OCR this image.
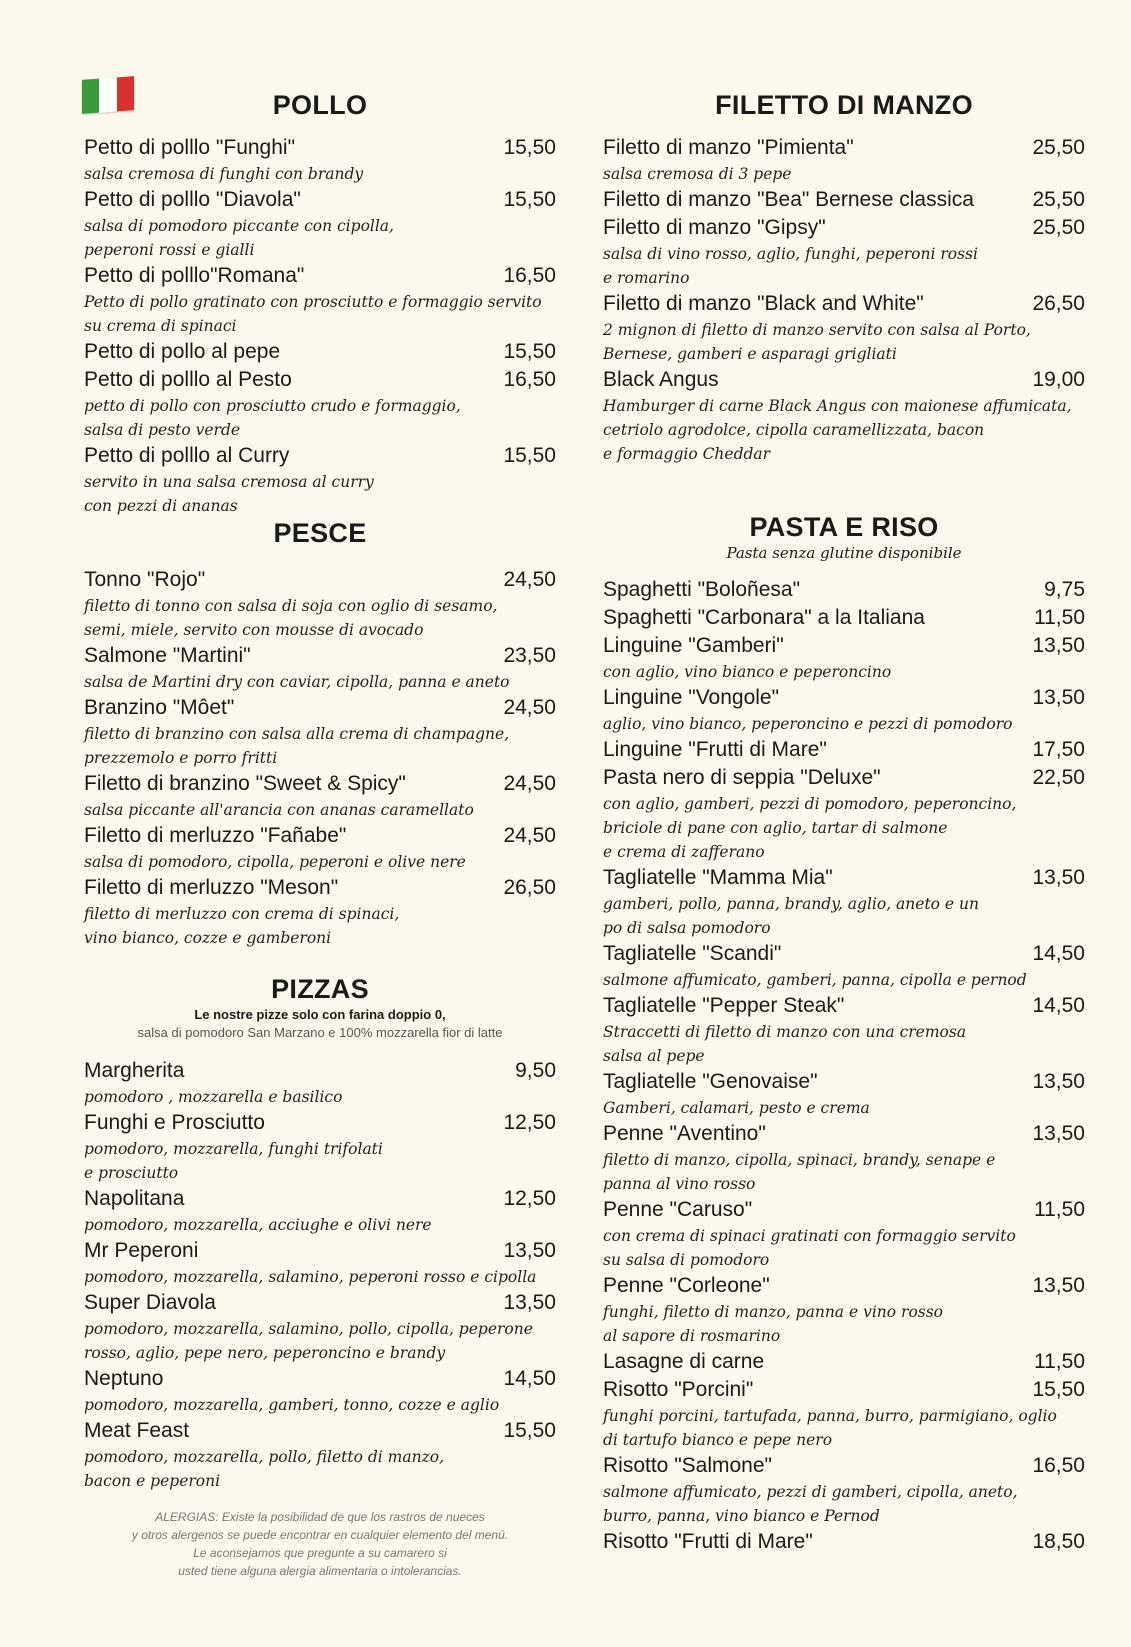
POLLO
Petto di polllo "Funghi"	15,50

salsa cremosa di funghi con brandy

Petto di polllo "Diavola"	15,50

salsa di pomodoro piccante con cipolla,

peperoni rossi e gialli

Petto di polllo"Romana"	16,50

Petto di pollo gratinato con prosciutto e formaggio servito

su crema di spinaci

Petto di pollo al pepe	15,50
Petto di polllo al Pesto	16,50

petto di pollo con prosciutto crudo e formaggio,

salsa di pesto verde

Petto di polllo al Curry	15,50

servito in una salsa cremosa al curry

con pezzi di ananas

PESCE
Tonno "Rojo"	24,50

filetto di tonno con salsa di soja con oglio di sesamo,

semi, miele, servito con mousse di avocado

Salmone "Martini"	23,50

salsa de Martini dry con caviar, cipolla, panna e aneto

Branzino "Môet"	24,50

filetto di branzino con salsa alla crema di champagne,

prezzemolo e porro fritti

Filetto di branzino "Sweet & Spicy"	24,50

salsa piccante all'arancia con ananas caramellato

Filetto di merluzzo "Fañabe"	24,50

salsa di pomodoro, cipolla, peperoni e olive nere

Filetto di merluzzo "Meson"	26,50

filetto di merluzzo con crema di spinaci,

vino bianco, cozze e gamberoni

PIZZAS

Le nostre pizze solo con farina doppio 0,

salsa di pomodoro San Marzano e 100% mozzarella fior di latte

Margherita	9,50

pomodoro , mozzarella e basilico

Funghi e Prosciutto	12,50

pomodoro, mozzarella, funghi trifolati

e prosciutto

Napolitana	12,50

pomodoro, mozzarella, acciughe e olivi nere

Mr Peperoni	13,50

pomodoro, mozzarella, salamino, peperoni rosso e cipolla

Super Diavola	13,50

pomodoro, mozzarella, salamino, pollo, cipolla, peperone

rosso, aglio, pepe nero, peperoncino e brandy

Neptuno	14,50

pomodoro, mozzarella, gamberi, tonno, cozze e aglio

Meat Feast	15,50

pomodoro, mozzarella, pollo, filetto di manzo,

bacon e peperoni

ALERGIAS: Existe la posibilidad de que los rastros de nueces
y otros alergenos se puede encontrar en cualquier elemento del menú.
Le aconsejamos que pregunte a su camarero si
usted tiene alguna alergia alimentaria o intolerancias.
FILETTO DI MANZO
Filetto di manzo "Pimienta"	25,50

salsa cremosa di 3 pepe

Filetto di manzo "Bea" Bernese classica	25,50
Filetto di manzo "Gipsy"	25,50

salsa di vino rosso, aglio, funghi, peperoni rossi

e romarino

Filetto di manzo "Black and White"	26,50

2 mignon di filetto di manzo servito con salsa al Porto,

Bernese, gamberi e asparagi grigliati

Black Angus	19,00

Hamburger di carne Black Angus con maionese affumicata,

cetriolo agrodolce, cipolla caramellizzata, bacon

e formaggio Cheddar

PASTA E RISO

Pasta senza glutine disponibile

Spaghetti "Boloñesa"	9,75
Spaghetti "Carbonara" a la Italiana	11,50
Linguine "Gamberi"	13,50

con aglio, vino bianco e peperoncino

Linguine "Vongole"	13,50

aglio, vino bianco, peperoncino e pezzi di pomodoro

Linguine "Frutti di Mare"	17,50
Pasta nero di seppia "Deluxe"	22,50

con aglio, gamberi, pezzi di pomodoro, peperoncino,

briciole di pane con aglio, tartar di salmone

e crema di zafferano

Tagliatelle "Mamma Mia"	13,50

gamberi, pollo, panna, brandy, aglio, aneto e un

po di salsa pomodoro

Tagliatelle "Scandi"	14,50

salmone affumicato, gamberi, panna, cipolla e pernod

Tagliatelle "Pepper Steak"	14,50

Straccetti di filetto di manzo con una cremosa

salsa al pepe

Tagliatelle "Genovaise"	13,50

Gamberi, calamari, pesto e crema

Penne "Aventino"	13,50

filetto di manzo, cipolla, spinaci, brandy, senape e

panna al vino rosso

Penne "Caruso"	11,50

con crema di spinaci gratinati con formaggio servito

su salsa di pomodoro

Penne "Corleone"	13,50

funghi, filetto di manzo, panna e vino rosso

al sapore di rosmarino

Lasagne di carne	11,50
Risotto "Porcini"	15,50

funghi porcini, tartufada, panna, burro, parmigiano, oglio

di tartufo bianco e pepe nero

Risotto "Salmone"	16,50

salmone affumicato, pezzi di gamberi, cipolla, aneto,

burro, panna, vino bianco e Pernod

Risotto "Frutti di Mare"	18,50
